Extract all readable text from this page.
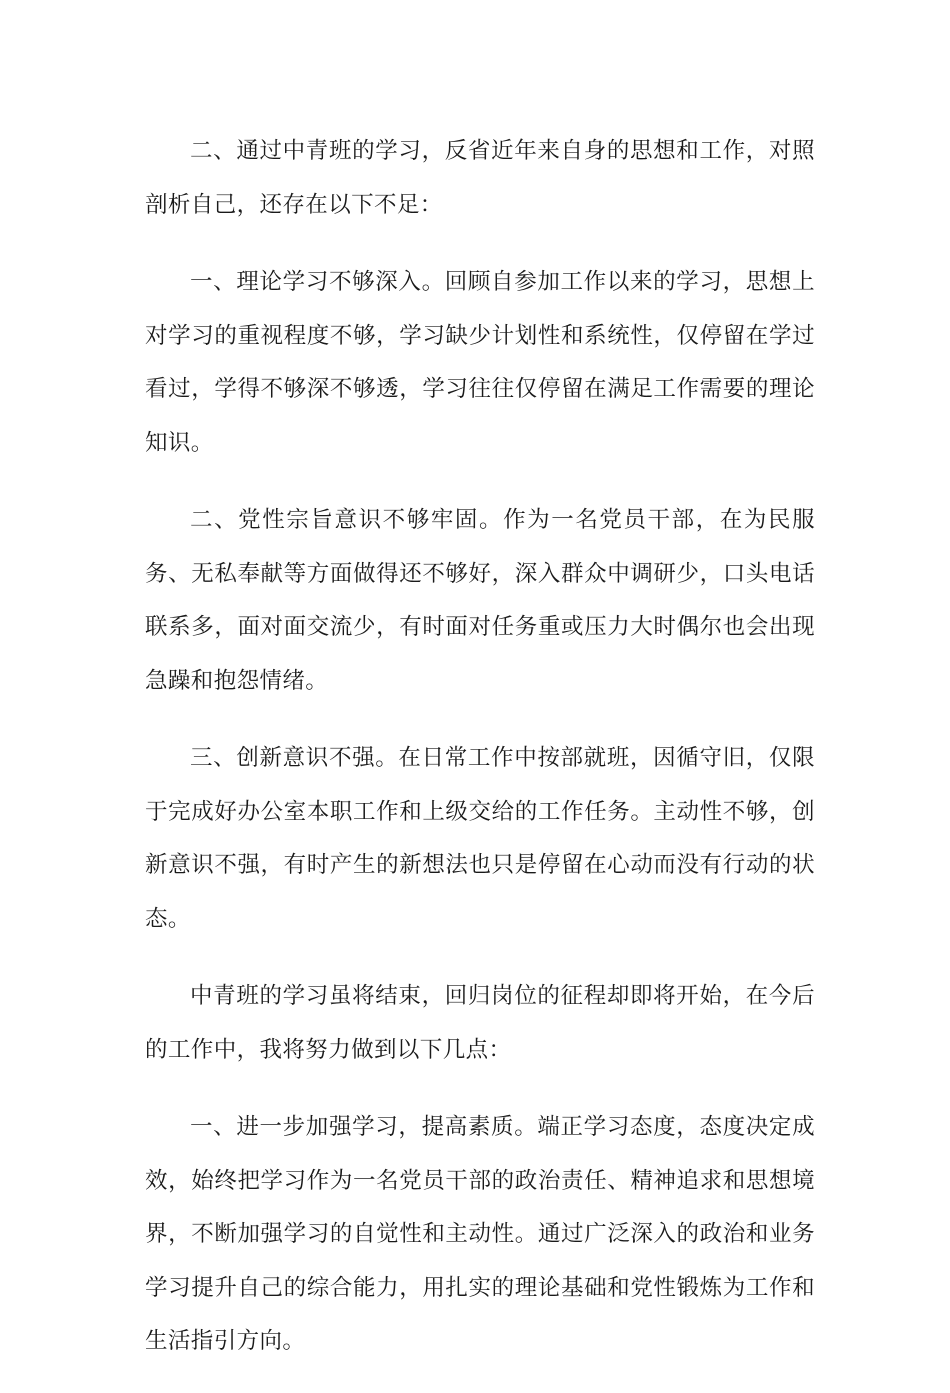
二、通过中青班的学习，反省近年来自身的思想和工作，对照剖析自己，还存在以下不足：

一、理论学习不够深入。回顾自参加工作以来的学习，思想上对学习的重视程度不够，学习缺少计划性和系统性，仅停留在学过看过，学得不够深不够透，学习往往仅停留在满足工作需要的理论知识。

二、党性宗旨意识不够牢固。作为一名党员干部，在为民服务、无私奉献等方面做得还不够好，深入群众中调研少，口头电话联系多，面对面交流少，有时面对任务重或压力大时偶尔也会出现急躁和抱怨情绪。

三、创新意识不强。在日常工作中按部就班，因循守旧，仅限于完成好办公室本职工作和上级交给的工作任务。主动性不够，创新意识不强，有时产生的新想法也只是停留在心动而没有行动的状态。

中青班的学习虽将结束，回归岗位的征程却即将开始，在今后的工作中，我将努力做到以下几点：

一、进一步加强学习，提高素质。端正学习态度，态度决定成效，始终把学习作为一名党员干部的政治责任、精神追求和思想境界，不断加强学习的自觉性和主动性。通过广泛深入的政治和业务学习提升自己的综合能力，用扎实的理论基础和党性锻炼为工作和生活指引方向。
